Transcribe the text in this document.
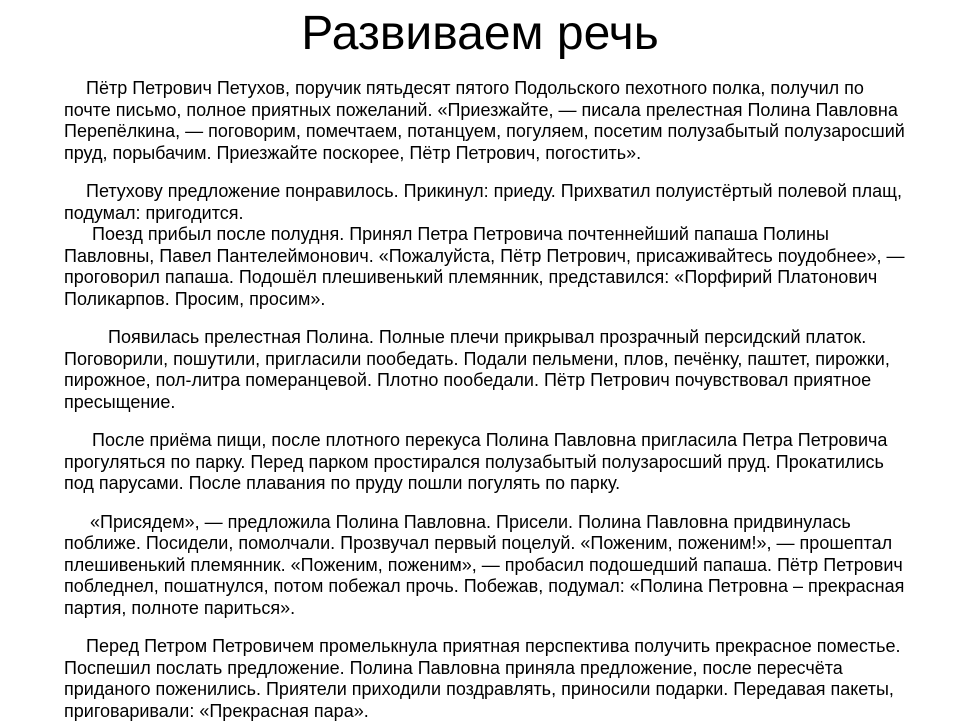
Развиваем речь

Пётр Петрович Петухов, поручик пятьдесят пятого Подольского пехотного полка, получил по почте письмо, полное приятных пожеланий. «Приезжайте, — писала прелестная Полина Павловна Перепёлкина, — поговорим, помечтаем, потанцуем, погуляем, посетим полузабытый полузаросший пруд, порыбачим. Приезжайте поскорее, Пётр Петрович, погостить».

Петухову предложение понравилось. Прикинул: приеду. Прихватил полуистёртый полевой плащ, подумал: пригодится.

Поезд прибыл после полудня. Принял Петра Петровича почтеннейший папаша Полины Павловны, Павел Пантелеймонович. «Пожалуйста, Пётр Петрович, присаживайтесь поудобнее», — проговорил папаша. Подошёл плешивенький племянник, представился: «Порфирий Платонович Поликарпов. Просим, просим».

Появилась прелестная Полина. Полные плечи прикрывал прозрачный персидский платок. Поговорили, пошутили, пригласили пообедать. Подали пельмени, плов, печёнку, паштет, пирожки, пирожное, пол-литра померанцевой. Плотно пообедали. Пётр Петрович почувствовал приятное пресыщение.

После приёма пищи, после плотного перекуса Полина Павловна пригласила Петра Петровича прогуляться по парку. Перед парком простирался полузабытый полузаросший пруд. Прокатились под парусами. После плавания по пруду пошли погулять по парку.

«Присядем», — предложила Полина Павловна. Присели. Полина Павловна придвинулась поближе. Посидели, помолчали. Прозвучал первый поцелуй. «Поженим, поженим!», — прошептал плешивенький племянник. «Поженим, поженим», — пробасил подошедший папаша. Пётр Петрович побледнел, пошатнулся, потом побежал прочь. Побежав, подумал: «Полина Петровна – прекрасная партия, полноте париться».

Перед Петром Петровичем промелькнула приятная перспектива получить прекрасное поместье. Поспешил послать предложение. Полина Павловна приняла предложение, после пересчёта приданого поженились. Приятели приходили поздравлять, приносили подарки. Передавая пакеты, приговаривали: «Прекрасная пара».
